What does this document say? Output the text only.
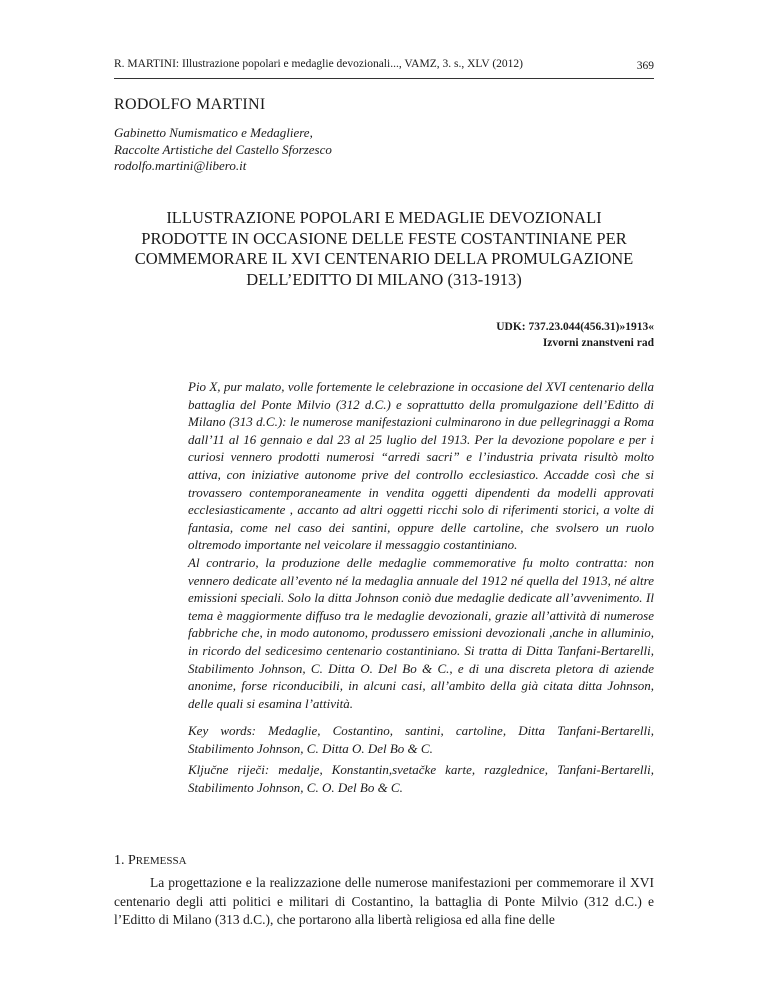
R. MARTINI: Illustrazione popolari e medaglie devozionali..., VAMZ, 3. s., XLV (2012)	369
RODOLFO MARTINI
Gabinetto Numismatico e Medagliere,
Raccolte Artistiche del Castello Sforzesco
rodolfo.martini@libero.it
ILLUSTRAZIONE POPOLARI E MEDAGLIE DEVOZIONALI
PRODOTTE IN OCCASIONE DELLE FESTE COSTANTINIANE PER
COMMEMORARE IL XVI CENTENARIO DELLA PROMULGAZIONE
DELL’EDITTO DI MILANO (313-1913)
UDK: 737.23.044(456.31)»1913«
Izvorni znanstveni rad

Pio X, pur malato, volle fortemente le celebrazione in occasione del XVI centenario della battaglia del Ponte Milvio (312 d.C.) e soprattutto della promulgazione dell’Editto di Milano (313 d.C.): le numerose manifestazioni culminarono in due pellegrinaggi a Roma dall’11 al 16 gennaio e dal 23 al 25 luglio del 1913. Per la devozione popolare e per i curiosi vennero prodotti numerosi “arredi sacri” e l’industria privata risultò molto attiva, con iniziative autonome prive del controllo ecclesiastico. Accadde così che si trovassero contemporaneamente in vendita oggetti dipendenti da modelli approvati ecclesiasticamente , accanto ad altri oggetti ricchi solo di riferimenti storici, a volte di fantasia, come nel caso dei santini, oppure delle cartoline, che svolsero un ruolo oltremodo importante nel veicolare il messaggio costantiniano.

Al contrario, la produzione delle medaglie commemorative fu molto contratta: non vennero dedicate all’evento né la medaglia annuale del 1912 né quella del 1913, né altre emissioni speciali. Solo la ditta Johnson coniò due medaglie dedicate all’avvenimento. Il tema è maggiormente diffuso tra le medaglie devozionali, grazie all’attività di numerose fabbriche che, in modo autonomo, produssero emissioni devozionali ,anche in alluminio, in ricordo del sedicesimo centenario costantiniano. Si tratta di Ditta Tanfani-Bertarelli, Stabilimento Johnson, C. Ditta O. Del Bo & C., e di una discreta pletora di aziende anonime, forse riconducibili, in alcuni casi, all’ambito della già citata ditta Johnson, delle quali si esamina l’attività.

Key words: Medaglie, Costantino, santini, cartoline, Ditta Tanfani-Bertarelli, Stabilimento Johnson, C. Ditta O. Del Bo & C.

Ključne riječi: medalje, Konstantin,svetačke karte, razglednice, Tanfani-Bertarelli, Stabilimento Johnson, C. O. Del Bo & C.

1. PREMESSA
La progettazione e la realizzazione delle numerose manifestazioni per commemorare il XVI centenario degli atti politici e militari di Costantino, la battaglia di Ponte Milvio (312 d.C.) e l’Editto di Milano (313 d.C.), che portarono alla libertà religiosa ed alla fine delle
